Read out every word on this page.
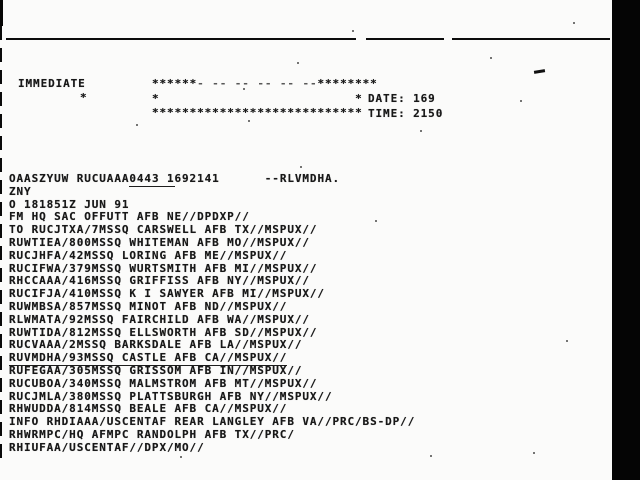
IMMEDIATE
*
******- -- -- -- -- --********
*                          *
****************************
DATE: 169
TIME: 2150
OAASZYUW RUCUAAA0443 1692141      --RLVMDHA.
ZNY
O 181851Z JUN 91
FM HQ SAC OFFUTT AFB NE//DPDXP//
TO RUCJTXA/7MSSQ CARSWELL AFB TX//MSPUX//
RUWTIEA/800MSSQ WHITEMAN AFB MO//MSPUX//
RUCJHFA/42MSSQ LORING AFB ME//MSPUX//
RUCIFWA/379MSSQ WURTSMITH AFB MI//MSPUX//
RHCCAAA/416MSSQ GRIFFISS AFB NY//MSPUX//
RUCIFJA/410MSSQ K I SAWYER AFB MI//MSPUX//
RUWMBSA/857MSSQ MINOT AFB ND//MSPUX//
RLWMATA/92MSSQ FAIRCHILD AFB WA//MSPUX//
RUWTIDA/812MSSQ ELLSWORTH AFB SD//MSPUX//
RUCVAAA/2MSSQ BARKSDALE AFB LA//MSPUX//
RUVMDHA/93MSSQ CASTLE AFB CA//MSPUX//
RUFEGAA/305MSSQ GRISSOM AFB IN//MSPUX//
RUCUBOA/340MSSQ MALMSTROM AFB MT//MSPUX//
RUCJMLA/380MSSQ PLATTSBURGH AFB NY//MSPUX//
RHWUDDA/814MSSQ BEALE AFB CA//MSPUX//
INFO RHDIAAA/USCENTAF REAR LANGLEY AFB VA//PRC/BS-DP//
RHWRMPC/HQ AFMPC RANDOLPH AFB TX//PRC/
RHIUFAA/USCENTAF//DPX/MO//
